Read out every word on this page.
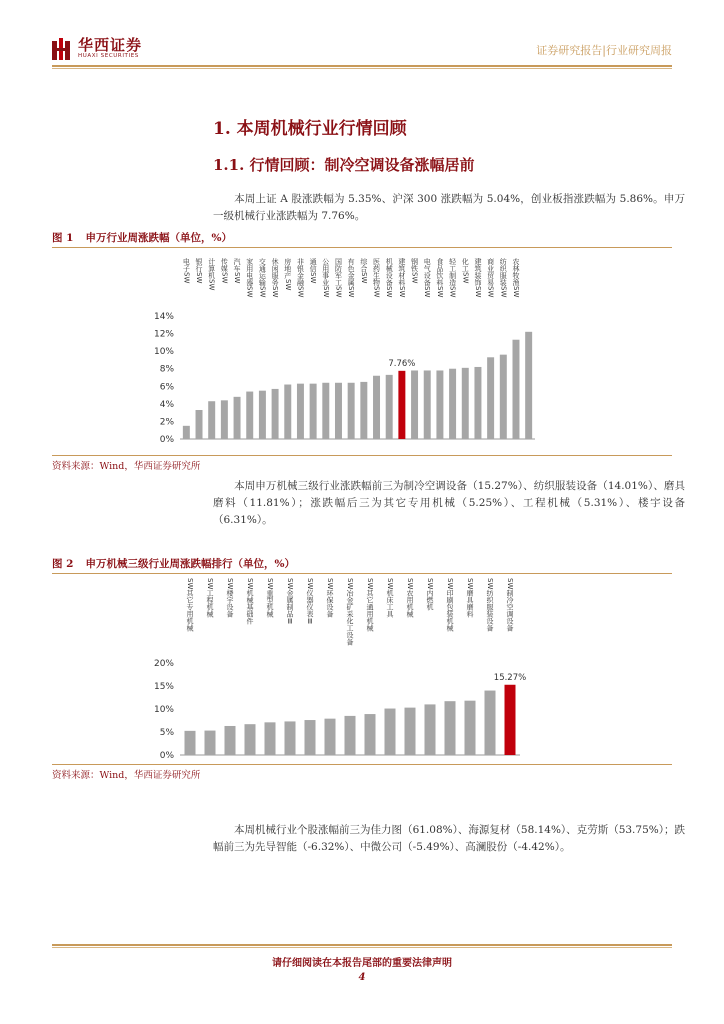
华西证券
HUAXI SECURITIES	证券研究报告|行业研究周报
1. 本周机械行业行情回顾
1.1. 行情回顾：制冷空调设备涨幅居前
本周上证 A 股涨跌幅为 5.35%、沪深 300 涨跌幅为 5.04%，创业板指涨跌幅为 5.86%。申万一级机械行业涨跌幅为 7.76%。
图 1 申万行业周涨跌幅（单位，%）
0%
2%
4%
6%
8%
10%
12%
14%
7.76%
电子SW 银行SW 计算机SW 传媒SW 汽车SW 家用电器SW 交通运输SW 休闲服务SW 房地产SW 非银金融SW 通信SW 公用事业SW 国防军工SW 有色金属SW 综合SW 医药生物SW 机械设备SW 建筑材料SW 钢铁SW 电气设备SW 食品饮料SW 轻工制造SW 化工SW 建筑装饰SW 商业贸易SW 纺织服装SW 农林牧渔SW
资料来源：Wind，华西证券研究所
本周申万机械三级行业涨跌幅前三为制冷空调设备（15.27%）、纺织服装设备（14.01%）、磨具磨料（11.81%）；涨跌幅后三为其它专用机械（5.25%）、工程机械（5.31%）、楼宇设备（6.31%）。
图 2 申万机械三级行业周涨跌幅排行（单位，%）
0%
5%
10%
15%
20%
15.27%
SW其它专用机械 SW工程机械 SW楼宇设备 SW机械基础件 SW重型机械 SW金属制品Ⅲ SW仪器仪表Ⅲ SW环保设备 SW冶金矿采化工设备 SW其它通用机械 SW机床工具 SW农用机械 SW内燃机 SW印刷包装机械 SW磨具磨料 SW纺织服装设备 SW制冷空调设备
资料来源：Wind，华西证券研究所
本周机械行业个股涨幅前三为佳力图（61.08%）、海源复材（58.14%）、克劳斯（53.75%）；跌幅前三为先导智能（-6.32%）、中微公司（-5.49%）、高澜股份（-4.42%）。
请仔细阅读在本报告尾部的重要法律声明
4
